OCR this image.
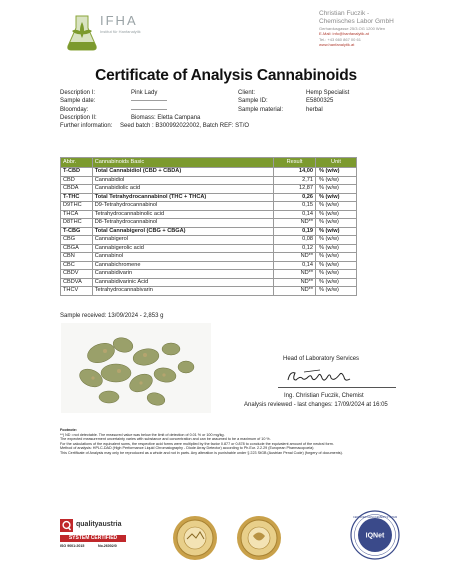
IFHA
Institut für Hanfanalytik
Christian Fuczik -
Chemisches Labor GmbH
Gerhardusgasse 25/3.OG 1200 Wien
E-Mail: info@hanfanalytik.at
Tel.: +43 660 867 00 61
www.hanfanalytik.at
Certificate of Analysis Cannabinoids
Description I:	Pink Lady	Client:	Hemp Specialist
Sample date:	——————	Sample ID:	E5800325
Bloomday:	——————	Sample material:	herbal
Description II:	Biomass: Eletta Campana
Further information: Seed batch : B300992022002, Batch REF: ST/O
Abbr.	Cannabinoids Basic	Result	Unit
T-CBD	Total Cannabidiol (CBD + CBDA)	14,00	% (w/w)
CBD	Cannabidiol	2,71	% (w/w)
CBDA	Cannabidiolic acid	12,87	% (w/w)
T-THC	Total Tetrahydrocannabinol (THC + THCA)	0,26	% (w/w)
D9THC	D9-Tetrahydrocannabinol	0,15	% (w/w)
THCA	Tetrahydrocannabinolic acid	0,14	% (w/w)
D8THC	D8-Tetrahydrocannabinol	ND**	% (w/w)
T-CBG	Total Cannabigerol (CBG + CBGA)	0,19	% (w/w)
CBG	Cannabigerol	0,08	% (w/w)
CBGA	Cannabigerolic acid	0,12	% (w/w)
CBN	Cannabinol	ND**	% (w/w)
CBC	Cannabichromene	0,14	% (w/w)
CBDV	Cannabidivarin	ND**	% (w/w)
CBDVA	Cannabidivarinic Acid	ND**	% (w/w)
THCV	Tetrahydrocannabivarin	ND**	% (w/w)
Sample received: 13/09/2024 - 2,853 g
Head of Laboratory Services
Ing. Christian Fuczik, Chemist
Analysis reviewed - last changes: 17/09/2024 at 16:05
Footnote:
**) ND =not detectable. The measured value was below the limit of detection of 0.01 % or 100 mg/kg.
The expected measurement uncertainty varies with substance and concentration and can be assumed to be a maximum of 10 %.
For the calculations of the equivalent sums, the respective acid forms were multiplied by the factor 0.877 or 0.878 to conclude the equivalent amount of the neutral form.
Method of analysis: HPLC-DAD (High Performance Liquid Chromatography - Diode Array Detector) according to Ph.Eur. 2.2.29 (European Pharmacopoeia)
This Certificate of Analysis may only be reproduced as a whole and not in parts. Any alteration is punishable under § 223 StGB (Austrian Penal Code) (forgery of documents).
qualityaustria
SYSTEM CERTIFIED
ISO 9001:2015	No.26002/0
IQNet
CERTIFIED MANAGEMENT SYSTEM
